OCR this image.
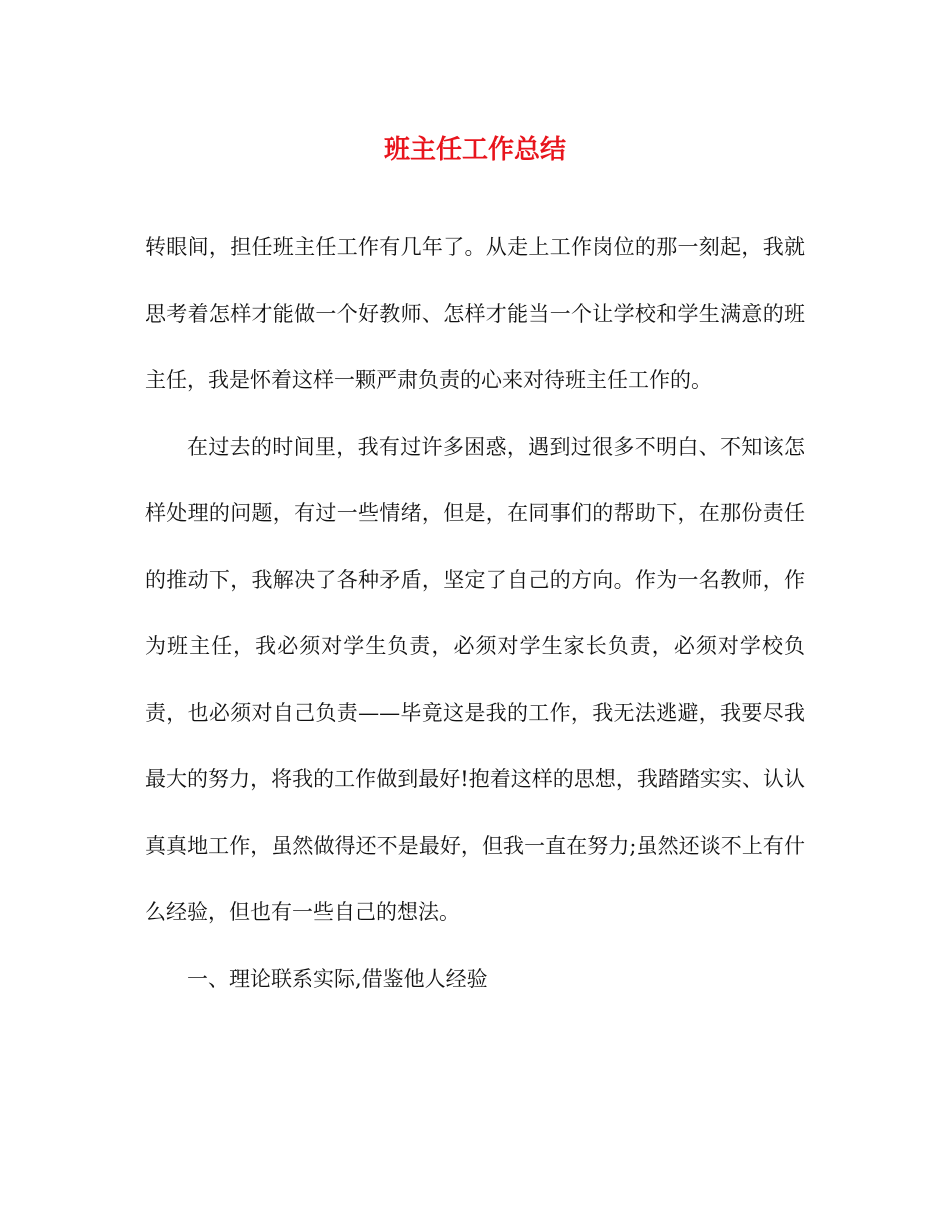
班主任工作总结

转眼间，担任班主任工作有几年了。从走上工作岗位的那一刻起，我就思考着怎样才能做一个好教师、怎样才能当一个让学校和学生满意的班主任，我是怀着这样一颗严肃负责的心来对待班主任工作的。

在过去的时间里，我有过许多困惑，遇到过很多不明白、不知该怎样处理的问题，有过一些情绪，但是，在同事们的帮助下，在那份责任的推动下，我解决了各种矛盾，坚定了自己的方向。作为一名教师，作为班主任，我必须对学生负责，必须对学生家长负责，必须对学校负责，也必须对自己负责——毕竟这是我的工作，我无法逃避，我要尽我最大的努力，将我的工作做到最好!抱着这样的思想，我踏踏实实、认认真真地工作，虽然做得还不是最好，但我一直在努力;虽然还谈不上有什么经验，但也有一些自己的想法。

一、理论联系实际,借鉴他人经验
